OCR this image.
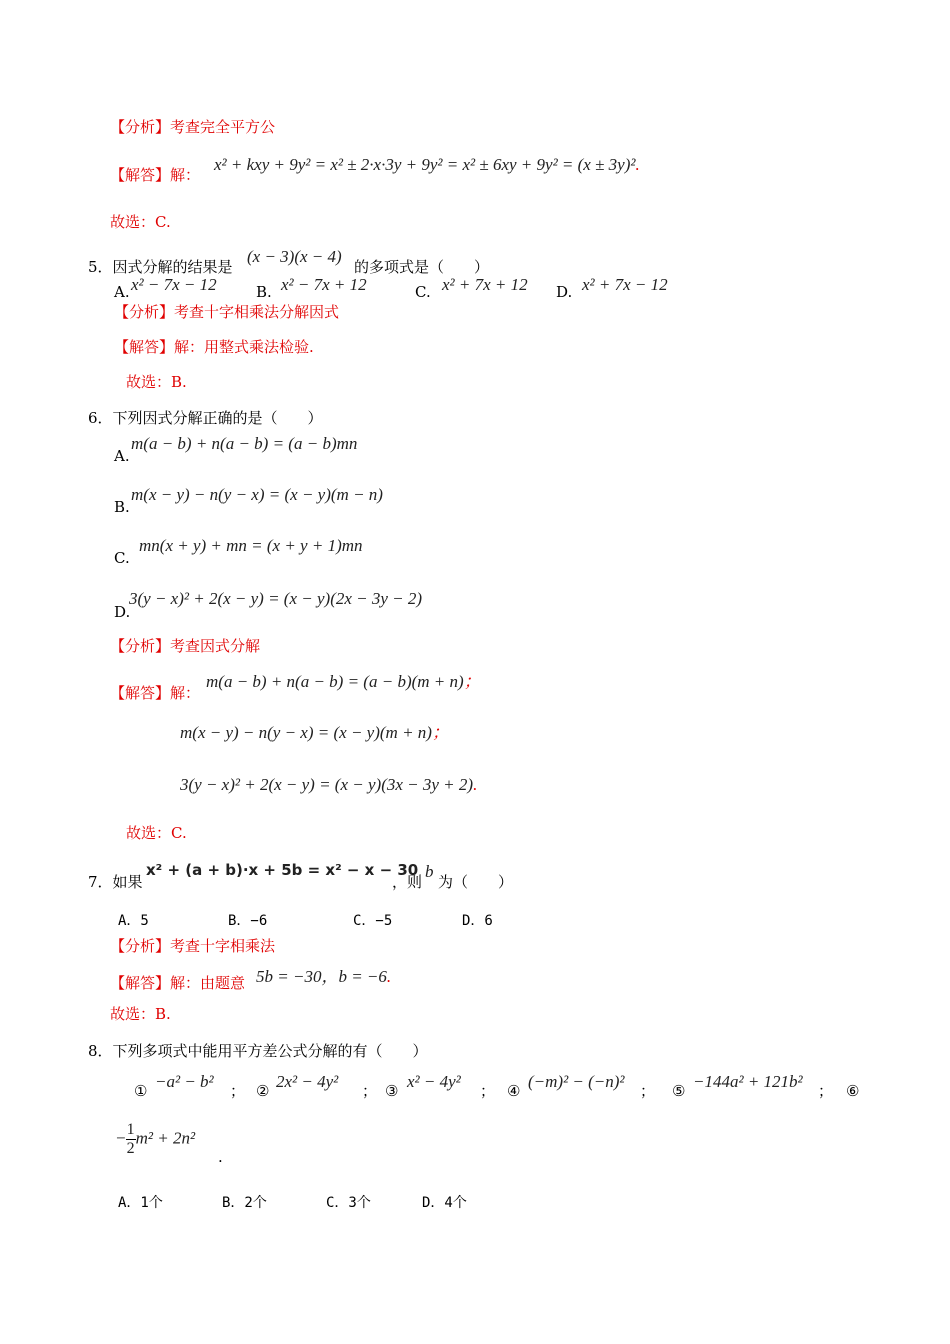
【分析】考查完全平方公
【解答】解：
x² + kxy + 9y² = x² ± 2·x·3y + 9y² = x² ± 6xy + 9y² = (x ± 3y)².
故选：C.
5．因式分解的结果是
(x − 3)(x − 4)
的多项式是（　　）
A. x² − 7x − 12	B. x² − 7x + 12	C. x² + 7x + 12 D. x² + 7x − 12
【分析】考查十字相乘法分解因式
【解答】解：用整式乘法检验.
故选：B.
6．下列因式分解正确的是（　　）
A.
m(a − b) + n(a − b) = (a − b)mn
B.
m(x − y) − n(y − x) = (x − y)(m − n)
C.
mn(x + y) + mn = (x + y + 1)mn
D.
3(y − x)² + 2(x − y) = (x − y)(2x − 3y − 2)
【分析】考查因式分解
【解答】解：
m(a − b) + n(a − b) = (a − b)(m + n)；
m(x − y) − n(y − x) = (x − y)(m + n)；
3(y − x)² + 2(x − y) = (x − y)(3x − 3y + 2).
故选：C.
7．如果
x² + (a + b)·x + 5b = x² − x − 30
，则
b
为（　　）
A．5	B．−6	C．−5	D．6
【分析】考查十字相乘法
【解答】解：由题意 5b = −30，b = −6.
故选：B.
8．下列多项式中能用平方差公式分解的有（　　）
① −a² − b² ； ② 2x² − 4y² ； ③ x² − 4y² ； ④ (−m)² − (−n)² ； ⑤ −144a² + 121b² ； ⑥
− $\frac{1}{2} m^2 + 2n^2$
.
A．1个	B．2个	C．3个	D．4个
